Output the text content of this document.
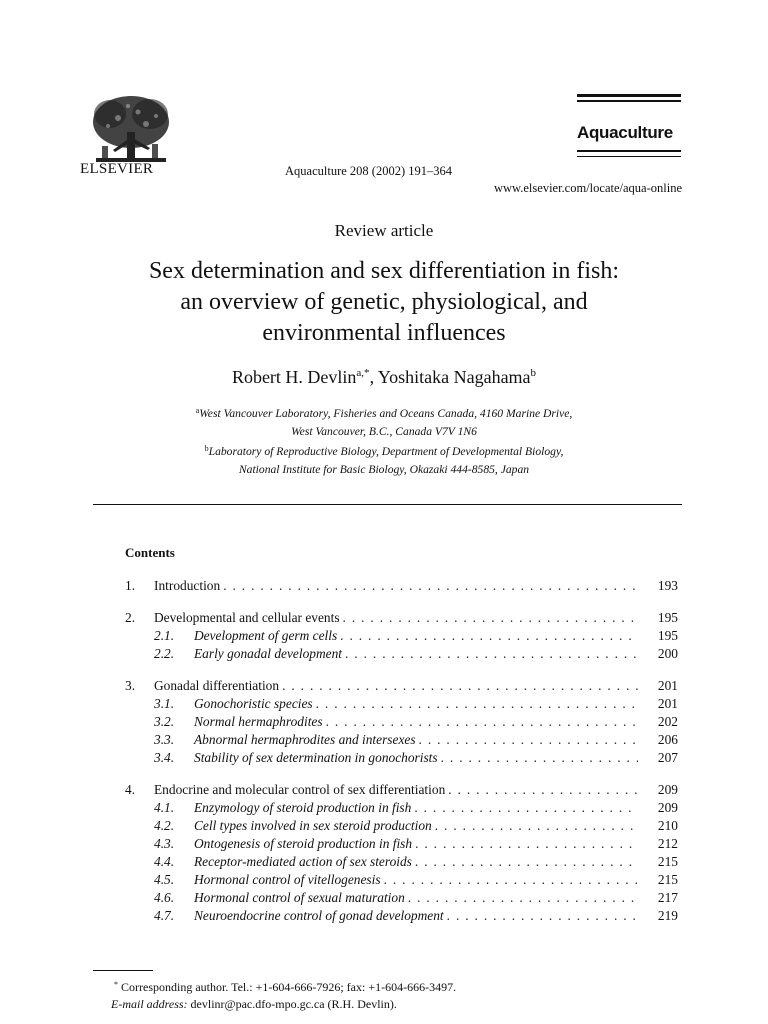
ELSEVIER	Aquaculture 208 (2002) 191–364
Aquaculture
www.elsevier.com/locate/aqua-online
Review article
Sex determination and sex differentiation in fish:
an overview of genetic, physiological, and
environmental influences
Robert H. Devlin$^{a,*}$, Yoshitaka Nagahama$^b$
$^a$West Vancouver Laboratory, Fisheries and Oceans Canada, 4160 Marine Drive,
West Vancouver, B.C., Canada V7V 1N6
$^b$Laboratory of Reproductive Biology, Department of Developmental Biology,
National Institute for Basic Biology, Okazaki 444-8585, Japan
Contents
1.	Introduction . . .	193
2.	Developmental and cellular events . . .	195
2.1.	Development of germ cells . . .	195
2.2.	Early gonadal development . . .	200
3.	Gonadal differentiation . . .	201
3.1.	Gonochoristic species . . .	201
3.2.	Normal hermaphrodites . . .	202
3.3.	Abnormal hermaphrodites and intersexes . . .	206
3.4.	Stability of sex determination in gonochorists . . .	207
4.	Endocrine and molecular control of sex differentiation . . .	209
4.1.	Enzymology of steroid production in fish . . .	209
4.2.	Cell types involved in sex steroid production . . .	210
4.3.	Ontogenesis of steroid production in fish . . .	212
4.4.	Receptor-mediated action of sex steroids . . .	215
4.5.	Hormonal control of vitellogenesis . . .	215
4.6.	Hormonal control of sexual maturation . . .	217
4.7.	Neuroendocrine control of gonad development . . .	219
* Corresponding author. Tel.: +1-604-666-7926; fax: +1-604-666-3497.
E-mail address: devlinr@pac.dfo-mpo.gc.ca (R.H. Devlin).
